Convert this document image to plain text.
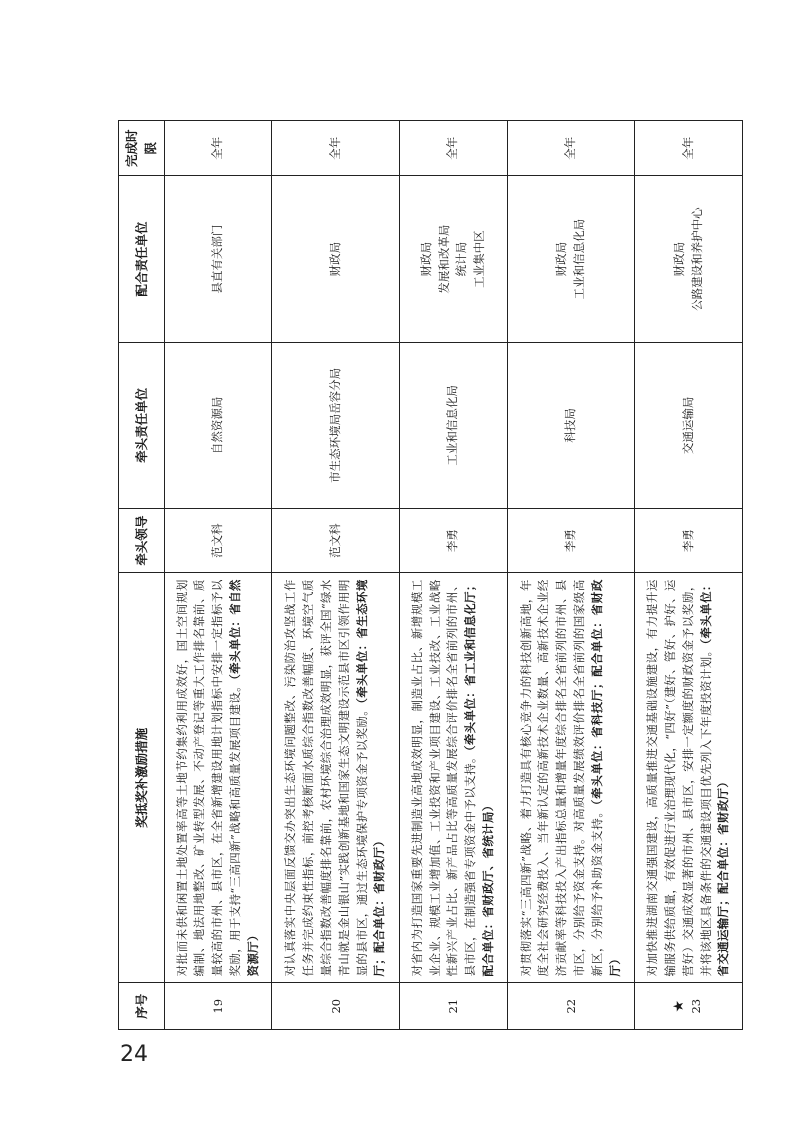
序号	奖抵奖补激励措施	牵头领导	牵头责任单位	配合责任单位	完成时限

19	对批而未供和闲置土地处置率高等土地节约集约利用成效好，国土空间规划编制、地法用地整改、矿业转型发展、不动产登记等重大工作排名靠前、质量较高的市州、县市区，在全省新增建设用地计划指标中安排一定指标予以奖励，用于支持“三高四新”战略和高质量发展项目建设。（牵头单位：省自然资源厅）	范文科	自然资源局	县直有关部门	全年

20	对认真落实中央层面反馈交办突出生态环境问题整改、污染防治攻坚战工作任务并完成约束性指标，前控考核断面水质综合指数改善幅度、环境空气质量综合指数改善幅度排名靠前，农村环境综合治理成效明显，获评全国“绿水青山就是金山银山”实践创新基地和国家生态文明建设示范县市区引领作用明显的县市区，通过生态环境保护专项资金予以奖励。（牵头单位：省生态环境厅；配合单位：省财政厅）	范文科	市生态环境局岳容分局	财政局	全年

21	对省内为打造国家重要先进制造业高地成效明显，制造业占比、新增规模工业企业、规模工业增加值、工业投资和产业项目建设、工业技改、工业战略性新兴产业占比、新产品占比等高质量发展综合评价排名全省前列的市州、县市区，在制造强省专项资金中予以支持。（牵头单位：省工业和信息化厅；配合单位：省财政厅、省统计局）	李勇	工业和信息化局	财政局 发展和改革局 统计局 工业集中区	全年

22	对贯彻落实“三高四新”战略、着力打造具有核心竞争力的科技创新高地，年度全社会研究经费投入、当年新认定的高新技术企业数量、高新技术企业经济贡献率等科技投入产出指标总量和增量年度综合排名全省前列的市州、县市区，分别给予资金支持。对高质量发展绩效评价排名全省前列的国家级高新区，分别给予补助资金支持。（牵头单位：省科技厅；配合单位：省财政厅）	李勇	科技局	财政局 工业和信息化局	全年

★ 23	对加快推进湖南交通强国建设，高质量推进交通基础设施建设，有力提升运输服务供给质量，有效促进行业治理现代化，“四好”（建好、管好、护好、运营好）交通成效显著的市州、县市区，安排一定额度的财政资金予以奖励，并将该地区具备条件的交通建设项目优先列入下年度投资计划。（牵头单位：省交通运输厅；配合单位：省财政厅）	李勇	交通运输局	财政局 公路建设和养护中心	全年
24
